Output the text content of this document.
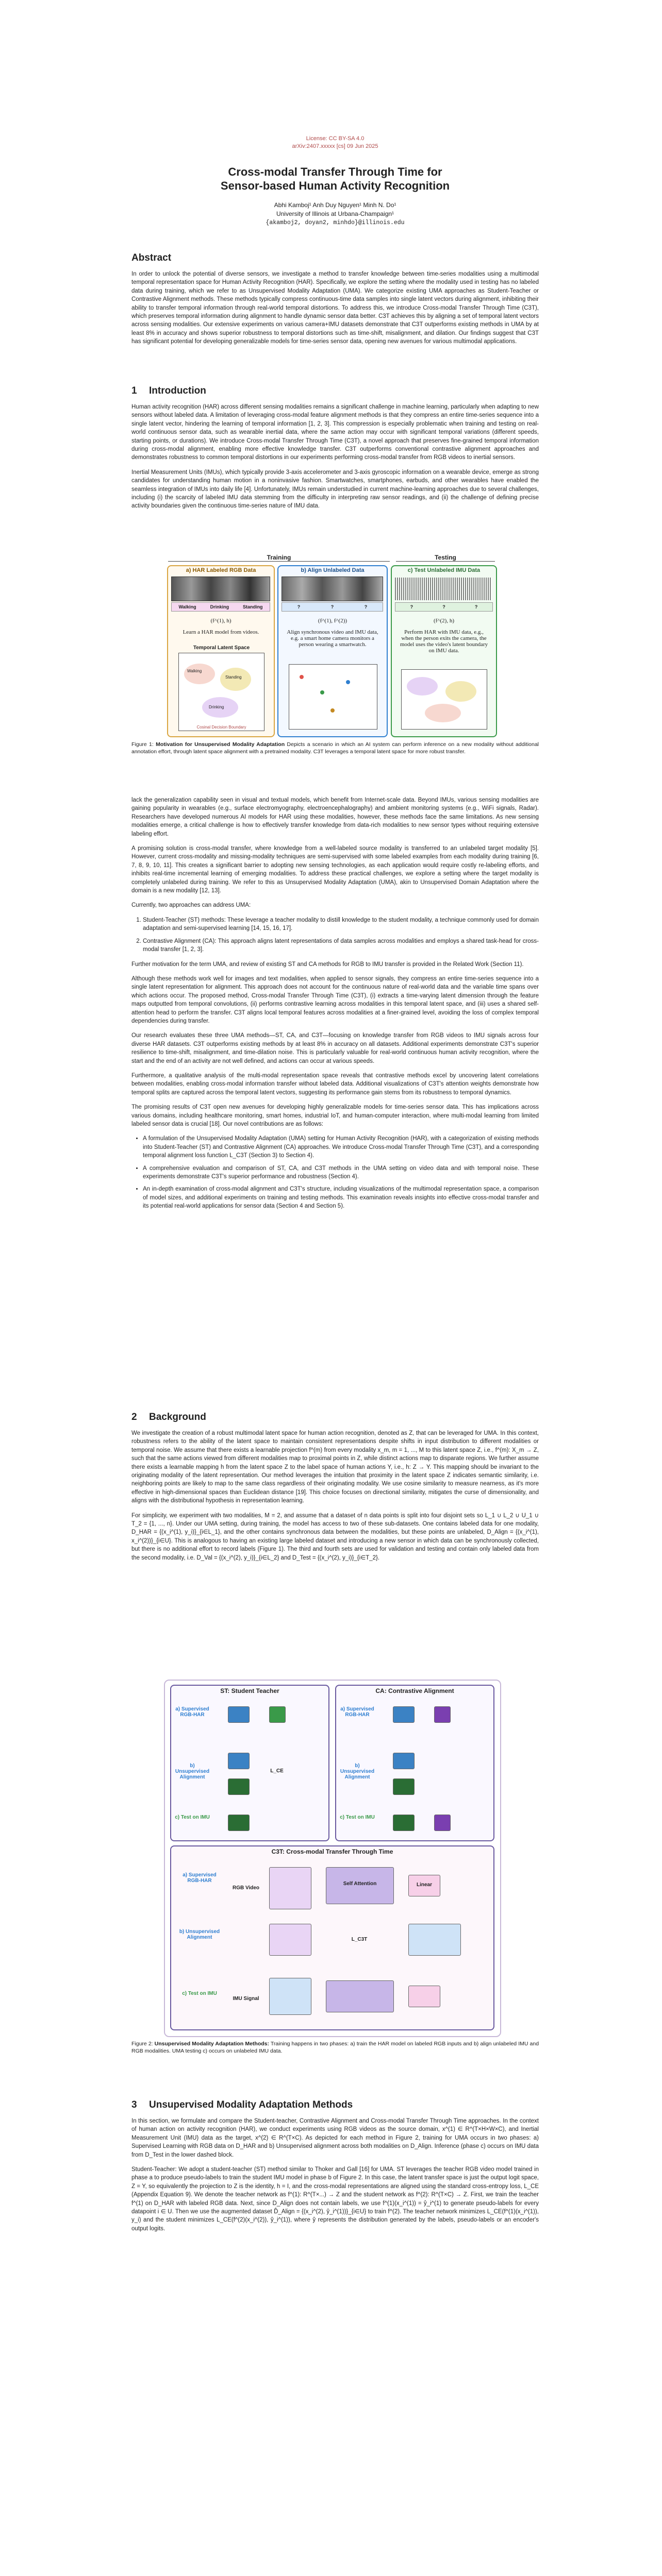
License: CC BY-SA 4.0
arXiv:2407.xxxxx [cs] 09 Jun 2025
Cross-modal Transfer Through Time for
Sensor-based Human Activity Recognition
Abhi Kamboj¹ Anh Duy Nguyen¹ Minh N. Do¹
University of Illinois at Urbana-Champaign¹
{akamboj2, doyan2, minhdo}@illinois.edu
Abstract

In order to unlock the potential of diverse sensors, we investigate a method to transfer knowledge between time-series modalities using a multimodal temporal representation space for Human Activity Recognition (HAR). Specifically, we explore the setting where the modality used in testing has no labeled data during training, which we refer to as Unsupervised Modality Adaptation (UMA). We categorize existing UMA approaches as Student-Teacher or Contrastive Alignment methods. These methods typically compress continuous-time data samples into single latent vectors during alignment, inhibiting their ability to transfer temporal information through real-world temporal distortions. To address this, we introduce Cross-modal Transfer Through Time (C3T), which preserves temporal information during alignment to handle dynamic sensor data better. C3T achieves this by aligning a set of temporal latent vectors across sensing modalities. Our extensive experiments on various camera+IMU datasets demonstrate that C3T outperforms existing methods in UMA by at least 8% in accuracy and shows superior robustness to temporal distortions such as time-shift, misalignment, and dilation. Our findings suggest that C3T has significant potential for developing generalizable models for time-series sensor data, opening new avenues for various multimodal applications.

1 Introduction

Human activity recognition (HAR) across different sensing modalities remains a significant challenge in machine learning, particularly when adapting to new sensors without labeled data. A limitation of leveraging cross-modal feature alignment methods is that they compress an entire time-series sequence into a single latent vector, hindering the learning of temporal information [1, 2, 3]. This compression is especially problematic when training and testing on real-world continuous sensor data, such as wearable inertial data, where the same action may occur with significant temporal variations (different speeds, starting points, or durations). We introduce Cross-modal Transfer Through Time (C3T), a novel approach that preserves fine-grained temporal information during cross-modal alignment, enabling more effective knowledge transfer. C3T outperforms conventional contrastive alignment approaches and demonstrates robustness to common temporal distortions in our experiments performing cross-modal transfer from RGB videos to inertial sensors.

Inertial Measurement Units (IMUs), which typically provide 3-axis accelerometer and 3-axis gyroscopic information on a wearable device, emerge as strong candidates for understanding human motion in a noninvasive fashion. Smartwatches, smartphones, earbuds, and other wearables have enabled the seamless integration of IMUs into daily life [4]. Unfortunately, IMUs remain understudied in current machine-learning approaches due to several challenges, including (i) the scarcity of labeled IMU data stemming from the difficulty in interpreting raw sensor readings, and (ii) the challenge of defining precise activity boundaries given the continuous time-series nature of IMU data.

Training	Testing
a) HAR Labeled RGB Data
Walking	Drinking	Standing
(f^(1), h)
Learn a HAR model from videos.
Temporal Latent Space
Walking
Standing
Drinking
Cosinal Decision Boundary
b) Align Unlabeled Data
?	?	?
(f^(1), f^(2))
Align synchronous video and IMU data, e.g. a smart home camera monitors a person wearing a smartwatch.
c) Test Unlabeled IMU Data
?	?	?
(f^(2), h)
Perform HAR with IMU data, e.g., when the person exits the camera, the model uses the video's latent boundary on IMU data.
Figure 1: Motivation for Unsupervised Modality Adaptation Depicts a scenario in which an AI system can perform inference on a new modality without additional annotation effort, through latent space alignment with a pretrained modality. C3T leverages a temporal latent space for more robust transfer.

lack the generalization capability seen in visual and textual models, which benefit from Internet-scale data. Beyond IMUs, various sensing modalities are gaining popularity in wearables (e.g., surface electromyography, electroencephalography) and ambient monitoring systems (e.g., WiFi signals, Radar). Researchers have developed numerous AI models for HAR using these modalities, however, these methods face the same limitations. As new sensing modalities emerge, a critical challenge is how to effectively transfer knowledge from data-rich modalities to new sensor types without requiring extensive labeling effort.

A promising solution is cross-modal transfer, where knowledge from a well-labeled source modality is transferred to an unlabeled target modality [5]. However, current cross-modality and missing-modality techniques are semi-supervised with some labeled examples from each modality during training [6, 7, 8, 9, 10, 11]. This creates a significant barrier to adopting new sensing technologies, as each application would require costly re-labeling efforts, and inhibits real-time incremental learning of emerging modalities. To address these practical challenges, we explore a setting where the target modality is completely unlabeled during training. We refer to this as Unsupervised Modality Adaptation (UMA), akin to Unsupervised Domain Adaptation where the domain is a new modality [12, 13].

Currently, two approaches can address UMA:

1. Student-Teacher (ST) methods: These leverage a teacher modality to distill knowledge to the student modality, a technique commonly used for domain adaptation and semi-supervised learning [14, 15, 16, 17].
2. Contrastive Alignment (CA): This approach aligns latent representations of data samples across modalities and employs a shared task-head for cross-modal transfer [1, 2, 3].

Further motivation for the term UMA, and review of existing ST and CA methods for RGB to IMU transfer is provided in the Related Work (Section 11).

Although these methods work well for images and text modalities, when applied to sensor signals, they compress an entire time-series sequence into a single latent representation for alignment. This approach does not account for the continuous nature of real-world data and the variable time spans over which actions occur. The proposed method, Cross-modal Transfer Through Time (C3T), (i) extracts a time-varying latent dimension through the feature maps outputted from temporal convolutions, (ii) performs contrastive learning across modalities in this temporal latent space, and (iii) uses a shared self-attention head to perform the transfer. C3T aligns local temporal features across modalities at a finer-grained level, avoiding the loss of complex temporal dependencies during transfer.

Our research evaluates these three UMA methods—ST, CA, and C3T—focusing on knowledge transfer from RGB videos to IMU signals across four diverse HAR datasets. C3T outperforms existing methods by at least 8% in accuracy on all datasets. Additional experiments demonstrate C3T's superior resilience to time-shift, misalignment, and time-dilation noise. This is particularly valuable for real-world continuous human activity recognition, where the start and the end of an activity are not well defined, and actions can occur at various speeds.

Furthermore, a qualitative analysis of the multi-modal representation space reveals that contrastive methods excel by uncovering latent correlations between modalities, enabling cross-modal information transfer without labeled data. Additional visualizations of C3T's attention weights demonstrate how temporal splits are captured across the temporal latent vectors, suggesting its performance gain stems from its robustness to temporal dynamics.

The promising results of C3T open new avenues for developing highly generalizable models for time-series sensor data. This has implications across various domains, including healthcare monitoring, smart homes, industrial IoT, and human-computer interaction, where multi-modal learning from limited labeled sensor data is crucial [18]. Our novel contributions are as follows:

• A formulation of the Unsupervised Modality Adaptation (UMA) setting for Human Activity Recognition (HAR), with a categorization of existing methods into Student-Teacher (ST) and Contrastive Alignment (CA) approaches. We introduce Cross-modal Transfer Through Time (C3T), and a corresponding temporal alignment loss function L_C3T (Section 3) to Section 4).
• A comprehensive evaluation and comparison of ST, CA, and C3T methods in the UMA setting on video data and with temporal noise. These experiments demonstrate C3T's superior performance and robustness (Section 4).
• An in-depth examination of cross-modal alignment and C3T's structure, including visualizations of the multimodal representation space, a comparison of model sizes, and additional experiments on training and testing methods. This examination reveals insights into effective cross-modal transfer and its potential real-world applications for sensor data (Section 4 and Section 5).
2 Background

We investigate the creation of a robust multimodal latent space for human action recognition, denoted as Z, that can be leveraged for UMA. In this context, robustness refers to the ability of the latent space to maintain consistent representations despite shifts in input distribution to different modalities or temporal noise. We assume that there exists a learnable projection f^(m) from every modality x_m, m = 1, ..., M to this latent space Z, i.e., f^(m): X_m → Z, such that the same actions viewed from different modalities map to proximal points in Z, while distinct actions map to disparate regions. We further assume there exists a learnable mapping h from the latent space Z to the label space of human actions Y, i.e., h: Z → Y. This mapping should be invariant to the originating modality of the latent representation. Our method leverages the intuition that proximity in the latent space Z indicates semantic similarity, i.e. neighboring points are likely to map to the same class regardless of their originating modality. We use cosine similarity to measure nearness, as it's more effective in high-dimensional spaces than Euclidean distance [19]. This choice focuses on directional similarity, mitigates the curse of dimensionality, and aligns with the distributional hypothesis in representation learning.

For simplicity, we experiment with two modalities, M = 2, and assume that a dataset of n data points is split into four disjoint sets so L_1 ∪ L_2 ∪ U_1 ∪ T_2 = {1, ..., n}. Under our UMA setting, during training, the model has access to two of these sub-datasets. One contains labeled data for one modality, D_HAR = {(x_i^(1), y_i)}_{i∈L_1}, and the other contains synchronous data between the modalities, but these points are unlabeled, D_Align = {(x_i^(1), x_i^(2))}_{i∈U}. This is analogous to having an existing large labeled dataset and introducing a new sensor in which data can be synchronously collected, but there is no additional effort to record labels (Figure 1). The third and fourth sets are used for validation and testing and contain only labeled data from the second modality, i.e. D_Val = {(x_i^(2), y_i)}_{i∈L_2} and D_Test = {(x_i^(2), y_i)}_{i∈T_2}.

ST: Student Teacher
a) Supervised RGB-HAR
b) Unsupervised Alignment
c) Test on IMU
L_CE
CA: Contrastive Alignment
a) Supervised RGB-HAR
b) Unsupervised Alignment
c) Test on IMU
C3T: Cross-modal Transfer Through Time
a) Supervised RGB-HAR
b) Unsupervised Alignment
c) Test on IMU
RGB Video
Self Attention	Linear
L_C3T
IMU Signal
Figure 2: Unsupervised Modality Adaptation Methods: Training happens in two phases: a) train the HAR model on labeled RGB inputs and b) align unlabeled IMU and RGB modalities. UMA testing c) occurs on unlabeled IMU data.
3 Unsupervised Modality Adaptation Methods

In this section, we formulate and compare the Student-teacher, Contrastive Alignment and Cross-modal Transfer Through Time approaches. In the context of human action on activity recognition (HAR), we conduct experiments using RGB videos as the source domain, x^(1) ∈ R^(T×H×W×C), and Inertial Measurement Unit (IMU) data as the target, x^(2) ∈ R^(T×C). As depicted for each method in Figure 2, training for UMA occurs in two phases: a) Supervised Learning with RGB data on D_HAR and b) Unsupervised alignment across both modalities on D_Align. Inference (phase c) occurs on IMU data from D_Test in the lower dashed block.

Student-Teacher: We adopt a student-teacher (ST) method similar to Thoker and Gall [16] for UMA. ST leverages the teacher RGB video model trained in phase a to produce pseudo-labels to train the student IMU model in phase b of Figure 2. In this case, the latent transfer space is just the output logit space, Z = Y, so equivalently the projection to Z is the identity, h = I, and the cross-modal representations are aligned using the standard cross-entropy loss, L_CE (Appendix Equation 9). We denote the teacher network as f^(1): R^(T×...) → Z and the student network as f^(2): R^(T×C) → Z. First, we train the teacher f^(1) on D_HAR with labeled RGB data. Next, since D_Align does not contain labels, we use f^(1)(x_i^(1)) = ŷ_i^(1) to generate pseudo-labels for every datapoint i ∈ U. Then we use the augmented dataset D̂_Align = {(x_i^(2), ŷ_i^(1))}_{i∈U} to train f^(2). The teacher network minimizes L_CE(f^(1)(x_i^(1)), y_i) and the student minimizes L_CE(f^(2)(x_i^(2)), ŷ_i^(1)), where ŷ represents the distribution generated by the labels, pseudo-labels or an encoder's output logits.
